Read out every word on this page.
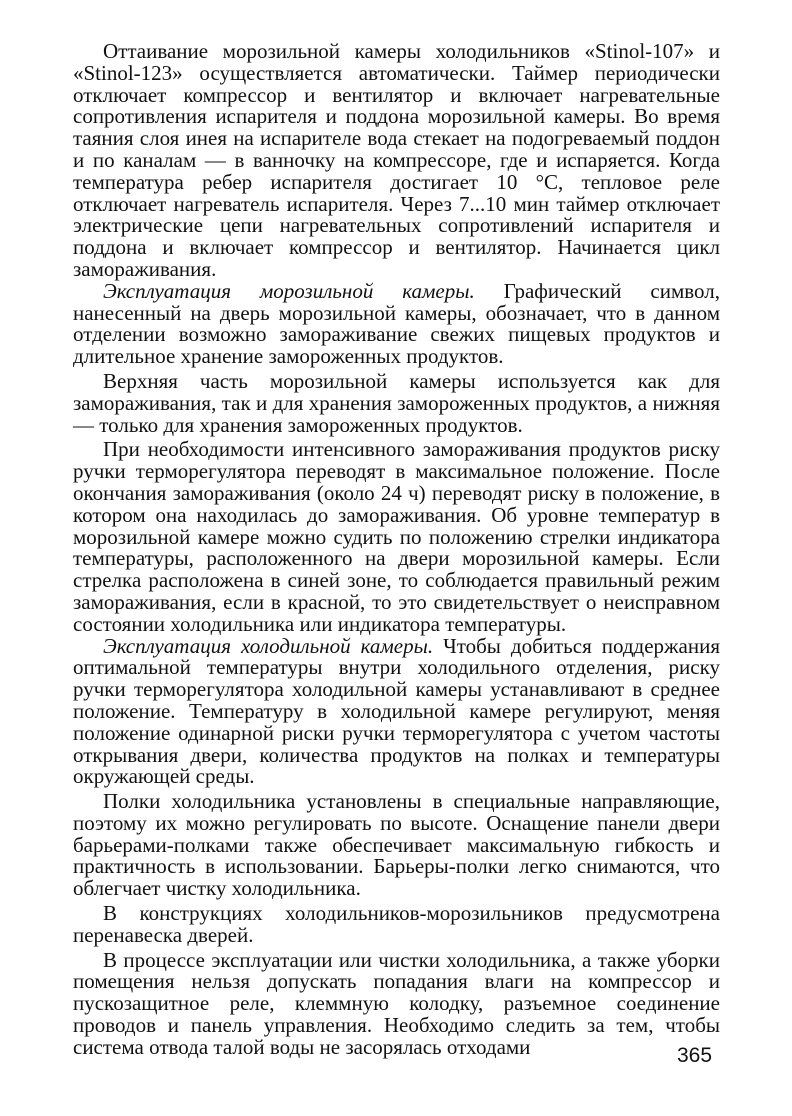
Оттаивание морозильной камеры холодильников «Stinol-107» и «Stinol-123» осуществляется автоматически. Таймер периодически отключает компрессор и вентилятор и включает нагревательные сопротивления испарителя и поддона морозильной камеры. Во время таяния слоя инея на испарителе вода стекает на подогреваемый поддон и по каналам — в ванночку на компрессоре, где и испаряется. Когда температура ребер испарителя достигает 10 °С, тепловое реле отключает нагреватель испарителя. Через 7...10 мин таймер отключает электрические цепи нагревательных сопротивлений испарителя и поддона и включает компрессор и вентилятор. Начинается цикл замораживания.

Эксплуатация морозильной камеры. Графический символ, нанесенный на дверь морозильной камеры, обозначает, что в данном отделении возможно замораживание свежих пищевых продуктов и длительное хранение замороженных продуктов.

Верхняя часть морозильной камеры используется как для замораживания, так и для хранения замороженных продуктов, а нижняя — только для хранения замороженных продуктов.

При необходимости интенсивного замораживания продуктов риску ручки терморегулятора переводят в максимальное положение. После окончания замораживания (около 24 ч) переводят риску в положение, в котором она находилась до замораживания. Об уровне температур в морозильной камере можно судить по положению стрелки индикатора температуры, расположенного на двери морозильной камеры. Если стрелка расположена в синей зоне, то соблюдается правильный режим замораживания, если в красной, то это свидетельствует о неисправном состоянии холодильника или индикатора температуры.

Эксплуатация холодильной камеры. Чтобы добиться поддержания оптимальной температуры внутри холодильного отделения, риску ручки терморегулятора холодильной камеры устанавливают в среднее положение. Температуру в холодильной камере регулируют, меняя положение одинарной риски ручки терморегулятора с учетом частоты открывания двери, количества продуктов на полках и температуры окружающей среды.

Полки холодильника установлены в специальные направляющие, поэтому их можно регулировать по высоте. Оснащение панели двери барьерами-полками также обеспечивает максимальную гибкость и практичность в использовании. Барьеры-полки легко снимаются, что облегчает чистку холодильника.

В конструкциях холодильников-морозильников предусмотрена перенавеска дверей.

В процессе эксплуатации или чистки холодильника, а также уборки помещения нельзя допускать попадания влаги на компрессор и пускозащитное реле, клеммную колодку, разъемное соединение проводов и панель управления. Необходимо следить за тем, чтобы система отвода талой воды не засорялась отходами	365
